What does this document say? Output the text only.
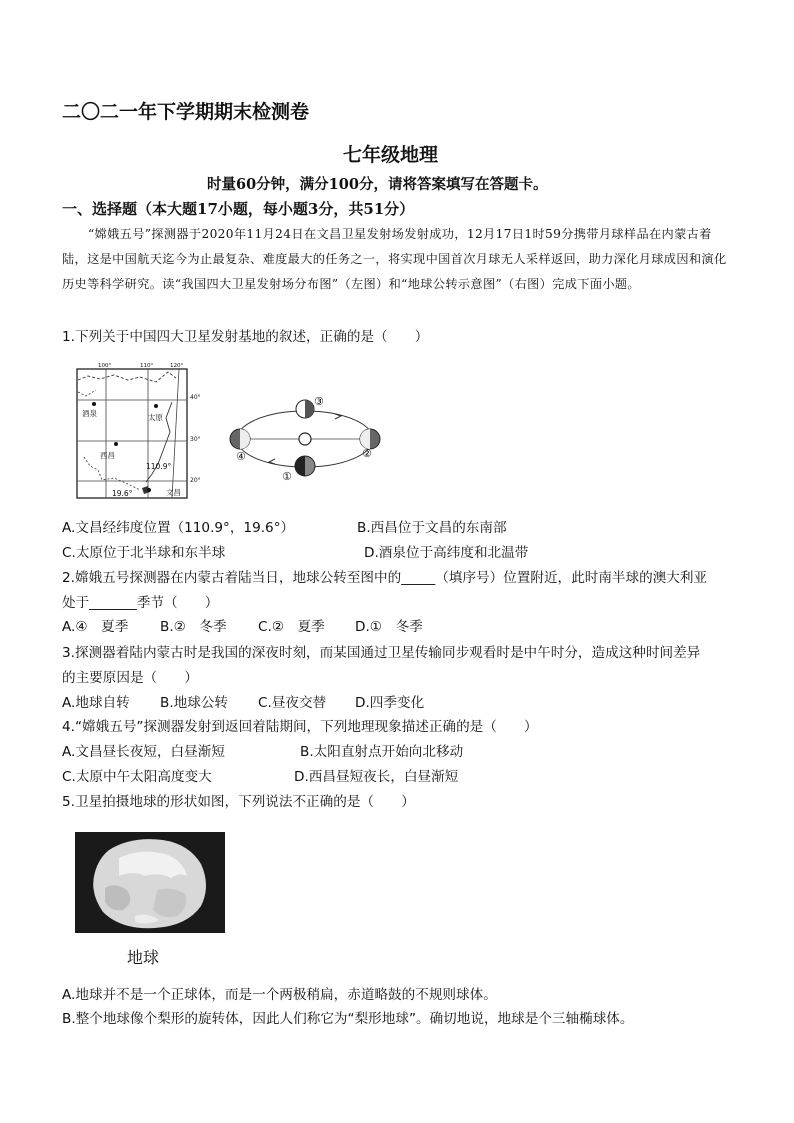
二〇二一年下学期期末检测卷
七年级地理
时量60分钟，满分100分，请将答案填写在答题卡。
一、选择题（本大题17小题，每小题3分，共51分）
“嫦娥五号”探测器于2020年11月24日在文昌卫星发射场发射成功，12月17日1时59分携带月球样品在内蒙古着陆，这是中国航天迄今为止最复杂、难度最大的任务之一，将实现中国首次月球无人采样返回，助力深化月球成因和演化历史等科学研究。读“我国四大卫星发射场分布图”（左图）和“地球公转示意图”（右图）完成下面小题。
1.下列关于中国四大卫星发射基地的叙述，正确的是（　　）
酒泉	太原
西昌
文昌
110.9°
19.6°
100°	110°	120°
40°
30°
20°
③
②
④
①
A.文昌经纬度位置（110.9°，19.6°）	B.西昌位于文昌的东南部
C.太原位于北半球和东半球	D.酒泉位于高纬度和北温带
2.嫦娥五号探测器在内蒙古着陆当日，地球公转至图中的_____（填序号）位置附近，此时南半球的澳大利亚
处于_______季节（　　）
A.④　夏季 B.②　冬季 C.②　夏季 D.①　冬季
3.探测器着陆内蒙古时是我国的深夜时刻，而某国通过卫星传输同步观看时是中午时分，造成这种时间差异
的主要原因是（　　）
A.地球自转 B.地球公转 C.昼夜交替 D.四季变化
4.“嫦娥五号”探测器发射到返回着陆期间，下列地理现象描述正确的是（　　）
A.文昌昼长夜短，白昼渐短	B.太阳直射点开始向北移动
C.太原中午太阳高度变大	D.西昌昼短夜长，白昼渐短
5.卫星拍摄地球的形状如图，下列说法不正确的是（　　）
地球
A.地球并不是一个正球体，而是一个两极稍扁，赤道略鼓的不规则球体。
B.整个地球像个梨形的旋转体，因此人们称它为“梨形地球”。确切地说，地球是个三轴椭球体。
